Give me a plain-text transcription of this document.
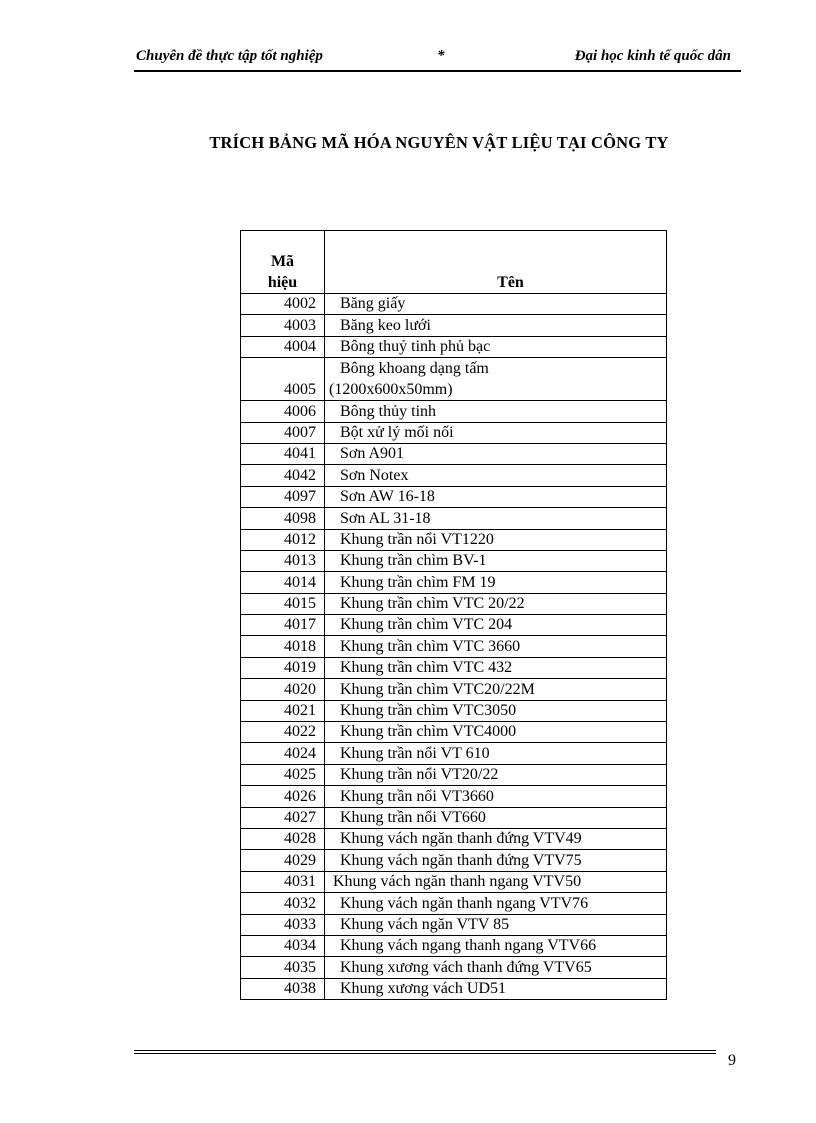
Chuyên đề thực tập tốt nghiệp	*	Đại học kinh tế quốc dân
TRÍCH BẢNG MÃ HÓA NGUYÊN VẬT LIỆU TẠI CÔNG TY
Mã
hiệu	Tên
4002	Băng giấy
4003	Băng keo lưới
4004	Bông thuỷ tinh phủ bạc
4005	Bông khoang dạng tấm
(1200x600x50mm)
4006	Bông thủy tinh
4007	Bột xử lý mối nối
4041	Sơn A901
4042	Sơn Notex
4097	Sơn AW 16-18
4098	Sơn AL 31-18
4012	Khung trần nổi VT1220
4013	Khung trần chìm BV-1
4014	Khung trần chìm FM 19
4015	Khung trần chìm VTC 20/22
4017	Khung trần chìm VTC 204
4018	Khung trần chìm VTC 3660
4019	Khung trần chìm VTC 432
4020	Khung trần chìm VTC20/22M
4021	Khung trần chìm VTC3050
4022	Khung trần chìm VTC4000
4024	Khung trần nổi VT 610
4025	Khung trần nổi VT20/22
4026	Khung trần nổi VT3660
4027	Khung trần nổi VT660
4028	Khung vách ngăn thanh đứng VTV49
4029	Khung vách ngăn thanh đứng VTV75
4031	Khung vách ngăn thanh ngang VTV50
4032	Khung vách ngăn thanh ngang VTV76
4033	Khung vách ngăn VTV 85
4034	Khung vách ngang thanh ngang VTV66
4035	Khung xương vách thanh đứng VTV65
4038	Khung xương vách UD51
9
